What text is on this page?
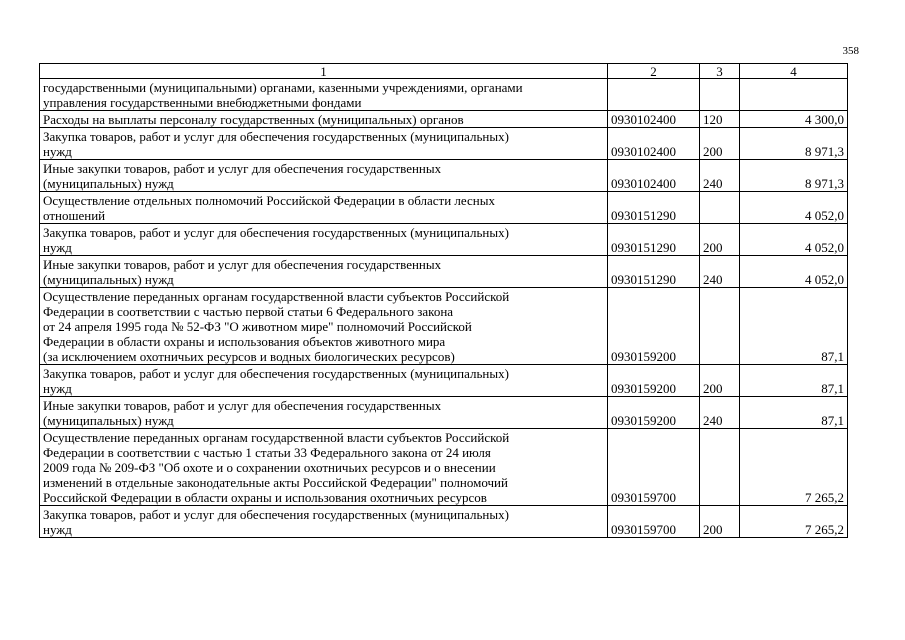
358
1	2	3	4

государственными (муниципальными) органами, казенными учреждениями, органами
управления государственными внебюджетными фондами			

Расходы на выплаты персоналу государственных (муниципальных) органов	0930102400	120	4 300,0

Закупка товаров, работ и услуг для обеспечения государственных (муниципальных)
нужд	0930102400	200	8 971,3

Иные закупки товаров, работ и услуг для обеспечения государственных
(муниципальных) нужд	0930102400	240	8 971,3

Осуществление отдельных полномочий Российской Федерации в области лесных
отношений	0930151290		4 052,0

Закупка товаров, работ и услуг для обеспечения государственных (муниципальных)
нужд	0930151290	200	4 052,0

Иные закупки товаров, работ и услуг для обеспечения государственных
(муниципальных) нужд	0930151290	240	4 052,0

Осуществление переданных органам государственной власти субъектов Российской
Федерации в соответствии с частью первой статьи 6 Федерального закона
от 24 апреля 1995 года № 52-ФЗ "О животном мире" полномочий Российской
Федерации в области охраны и использования объектов животного мира
(за исключением охотничьих ресурсов и водных биологических ресурсов)	0930159200		87,1

Закупка товаров, работ и услуг для обеспечения государственных (муниципальных)
нужд	0930159200	200	87,1

Иные закупки товаров, работ и услуг для обеспечения государственных
(муниципальных) нужд	0930159200	240	87,1

Осуществление переданных органам государственной власти субъектов Российской
Федерации в соответствии с частью 1 статьи 33 Федерального закона от 24 июля
2009 года № 209-ФЗ "Об охоте и о сохранении охотничьих ресурсов и о внесении
изменений в отдельные законодательные акты Российской Федерации" полномочий
Российской Федерации в области охраны и использования охотничьих ресурсов	0930159700		7 265,2

Закупка товаров, работ и услуг для обеспечения государственных (муниципальных)
нужд	0930159700	200	7 265,2
